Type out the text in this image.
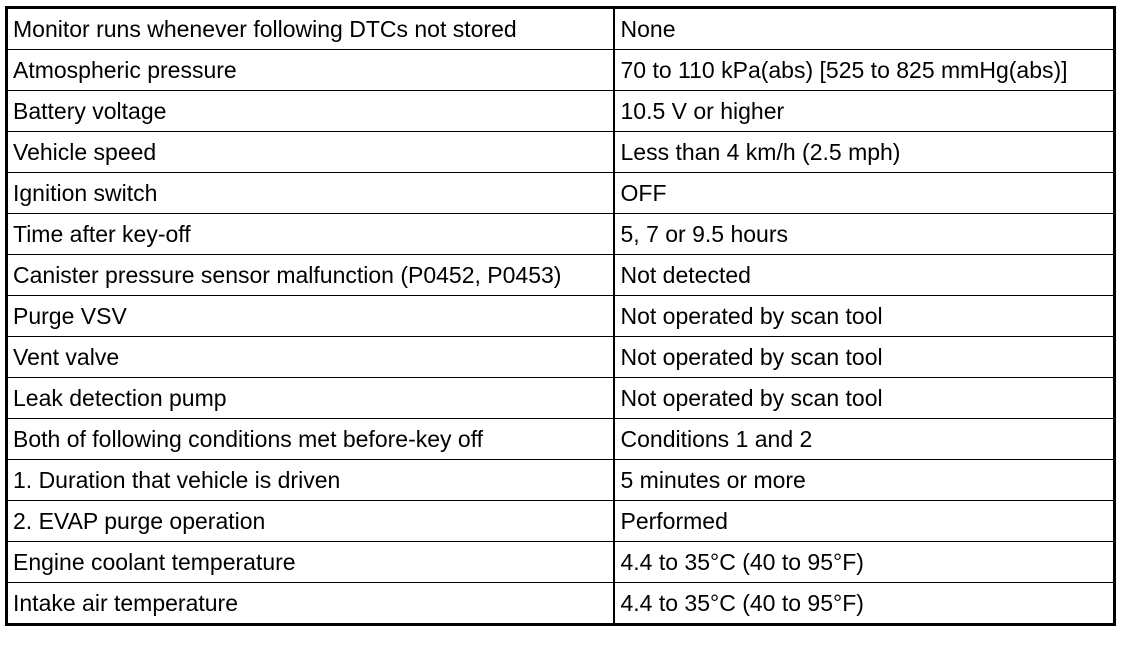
Monitor runs whenever following DTCs not stored	None
Atmospheric pressure	70 to 110 kPa(abs) [525 to 825 mmHg(abs)]
Battery voltage	10.5 V or higher
Vehicle speed	Less than 4 km/h (2.5 mph)
Ignition switch	OFF
Time after key-off	5, 7 or 9.5 hours
Canister pressure sensor malfunction (P0452, P0453)	Not detected
Purge VSV	Not operated by scan tool
Vent valve	Not operated by scan tool
Leak detection pump	Not operated by scan tool
Both of following conditions met before-key off	Conditions 1 and 2
1. Duration that vehicle is driven	5 minutes or more
2. EVAP purge operation	Performed
Engine coolant temperature	4.4 to 35°C (40 to 95°F)
Intake air temperature	4.4 to 35°C (40 to 95°F)
